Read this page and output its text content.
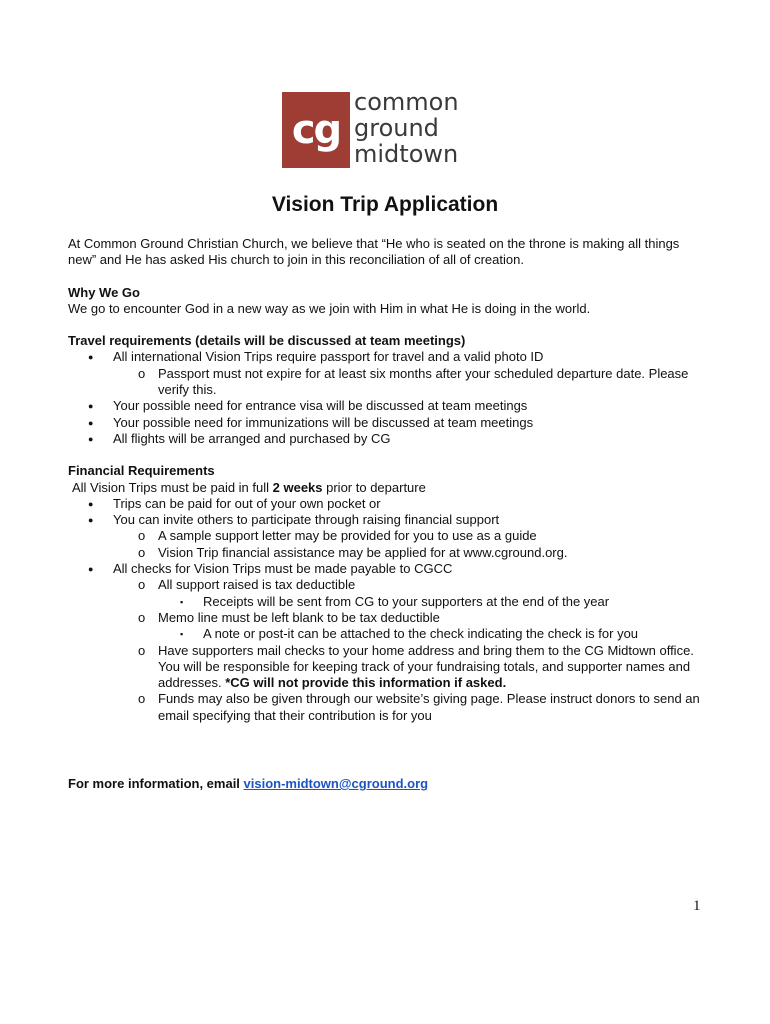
cg
common
ground
midtown
Vision Trip Application

At Common Ground Christian Church, we believe that “He who is seated on the throne is making all things new” and He has asked His church to join in this reconciliation of all of creation.

Why We Go

We go to encounter God in a new way as we join with Him in what He is doing in the world.

Travel requirements (details will be discussed at team meetings)

● All international Vision Trips require passport for travel and a valid photo ID
o Passport must not expire for at least six months after your scheduled departure date. Please verify this.
● Your possible need for entrance visa will be discussed at team meetings
● Your possible need for immunizations will be discussed at team meetings
● All flights will be arranged and purchased by CG

Financial Requirements

All Vision Trips must be paid in full 2 weeks prior to departure

● Trips can be paid for out of your own pocket or
● You can invite others to participate through raising financial support
o A sample support letter may be provided for you to use as a guide
o Vision Trip financial assistance may be applied for at www.cground.org.
● All checks for Vision Trips must be made payable to CGCC
o All support raised is tax deductible
▪ Receipts will be sent from CG to your supporters at the end of the year
o Memo line must be left blank to be tax deductible
▪ A note or post-it can be attached to the check indicating the check is for you
o Have supporters mail checks to your home address and bring them to the CG Midtown office. You will be responsible for keeping track of your fundraising totals, and supporter names and addresses. *CG will not provide this information if asked.
o Funds may also be given through our website’s giving page. Please instruct donors to send an email specifying that their contribution is for you

For more information, email vision-midtown@cground.org

1
